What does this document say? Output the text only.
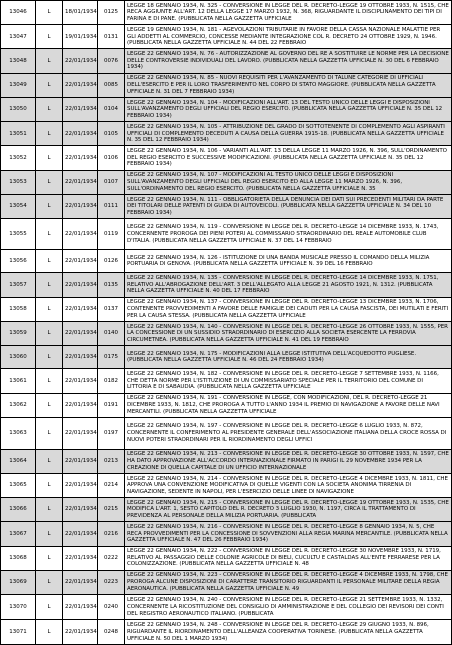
13046	L	18/01/1934	0125	LEGGE 18 GENNAIO 1934, N. 325 - CONVERSIONE IN LEGGE DEL R. DECRETO-LEGGE 19 OTTOBRE 1933, N. 1515, CHE RECA AGGIUNTE ALL'ART. 12 DELLA LEGGE 17 MARZO 1932, N. 368, RIGUARDANTE IL DISCIPLINAMENTO DEI TIPI DI FARINA E DI PANE. (PUBBLICATA NELLA GAZZETTA UFFICIALE
13047	L	19/01/1934	0131	LEGGE 19 GENNAIO 1934, N. 181 - AGEVOLAZIONI TRIBUTARIE IN FAVORE DELLA CASSA NAZIONALE MALATTIE PER GLI ADDETTI AL COMMERCIO, CONCESSE MEDIANTE INTEGRAZIONE COL R. DECRETO 24 OTTOBRE 1929, N. 1946. (PUBBLICATA NELLA GAZZETTA UFFICIALE N. 44 DEL 22 FEBBRAIO
13048	L	22/01/1934	0076	LEGGE 22 GENNAIO 1934, N. 76 - AUTORIZZAZIONE AL GOVERNO DEL RE A SOSTITUIRE LE NORME PER LA DECISIONE DELLE CONTROVERSIE INDIVIDUALI DEL LAVORO. (PUBBLICATA NELLA GAZZETTA UFFICIALE N. 30 DEL 6 FEBBRAIO 1934)
13049	L	22/01/1934	0085	LEGGE 22 GENNAIO 1934, N. 85 - NUOVI REQUISITI PER L'AVANZAMENTO DI TALUNE CATEGORIE DI UFFICIALI DELL'ESERCITO E PER IL LORO TRASFERIMENTO NEL CORPO DI STATO MAGGIORE. (PUBBLICATA NELLA GAZZETTA UFFICIALE N. 31 DEL 7 FEBBRAIO 1934)
13050	L	22/01/1934	0104	LEGGE 22 GENNAIO 1934, N. 104 - MODIFICAZIONI ALL'ART. 13 DEL TESTO UNICO DELLE LEGGI E DISPOSIZIONI SULL'AVANZAMENTO DEGLI UFFICIALI DEL REGIO ESERCITO. (PUBBLICATA NELLA GAZZETTA UFFICIALE N. 35 DEL 12 FEBBRAIO 1934)
13051	L	22/01/1934	0105	LEGGE 22 GENNAIO 1934, N. 105 - ATTRIBUZIONE DEL GRADO DI SOTTOTENENTE DI COMPLEMENTO AGLI ASPIRANTI UFFICIALI DI COMPLEMENTO DECEDUTI A CAUSA DELLA GUERRA 1915-18. (PUBBLICATA NELLA GAZZETTA UFFICIALE N. 35 DEL 12 FEBBRAIO 1934)
13052	L	22/01/1934	0106	LEGGE 22 GENNAIO 1934, N. 106 - VARIANTI ALL'ART. 13 DELLA LEGGE 11 MARZO 1926, N. 396, SULL'ORDINAMENTO DEL REGIO ESERCITO E SUCCESSIVE MODIFICAZIONI. (PUBBLICATA NELLA GAZZETTA UFFICIALE N. 35 DEL 12 FEBBRAIO 1934)
13053	L	22/01/1934	0107	LEGGE 22 GENNAIO 1934, N. 107 - MODIFICAZIONI AL TESTO UNICO DELLE LEGGI E DISPOSIZIONI SULL'AVANZAMENTO DEGLI UFFICIALI DEL REGIO ESERCITO ED ALLA LEGGE 11 MARZO 1926, N. 396, SULL'ORDINAMENTO DEL REGIO ESERCITO. (PUBBLICATA NELLA GAZZETTA UFFICIALE N. 35
13054	L	22/01/1934	0111	LEGGE 22 GENNAIO 1934, N. 111 - OBBLIGATORIETA DELLA DENUNCIA DEI DATI SUI PRECEDENTI MILITARI DA PARTE DEI TITOLARI DELLE PATENTI DI GUIDA DI AUTOVEICOLI. (PUBBLICATA NELLA GAZZETTA UFFICIALE N. 34 DEL 10 FEBBRAIO 1934)
13055	L	22/01/1934	0119	LEGGE 22 GENNAIO 1934, N. 119 - CONVERSIONE IN LEGGE DEL R. DECRETO-LEGGE 14 DICEMBRE 1933, N. 1743, CONCERNENTE PROROGA DEI PIENI POTERI AL COMMISSARIO STRAORDINARIO DEL REALE AUTOMOBILE CLUB D'ITALIA. (PUBBLICATA NELLA GAZZETTA UFFICIALE N. 37 DEL 14 FEBBRAIO
13056	L	22/01/1934	0126	LEGGE 22 GENNAIO 1934, N. 126 - ISTITUZIONE DI UNA BANDA MUSICALE PRESSO IL COMANDO DELLA MILIZIA PORTUARIA DI GENOVA. (PUBBLICATA NELLA GAZZETTA UFFICIALE N. 39 DEL 16 FEBBRAIO
13057	L	22/01/1934	0135	LEGGE 22 GENNAIO 1934, N. 135 - CONVERSIONE IN LEGGE DEL R. DECRETO-LEGGE 14 DICEMBRE 1933, N. 1751, RELATIVO ALL'ABROGAZIONE DELL'ART. 3 DELL'ALLEGATO ALLA LEGGE 21 AGOSTO 1921, N. 1312. (PUBBLICATA NELLA GAZZETTA UFFICIALE N. 40 DEL 17 FEBBRAIO
13058	L	22/01/1934	0137	LEGGE 22 GENNAIO 1934, N. 137 - CONVERSIONE IN LEGGE DEL R. DECRETO-LEGGE 13 DICEMBRE 1933, N. 1706, CONTENENTE PROVVEDIMENTI A FAVORE DELLE FAMIGLIE DEI CADUTI PER LA CAUSA FASCISTA, DEI MUTILATI E FERITI PER LA CAUSA STESSA. (PUBBLICATA NELLA GAZZETTA UFFICIALE
13059	L	22/01/1934	0140	LEGGE 22 GENNAIO 1934, N. 140 - CONVERSIONE IN LEGGE DEL R. DECRETO-LEGGE 26 OTTOBRE 1933, N. 1555, PER LA CONCESSIONE DI UN SUSSIDIO STRAORDINARIO DI ESERCIZIO ALLA SOCIETA ESERCENTE LA FERROVIA CIRCUMETNEA. (PUBBLICATA NELLA GAZZETTA UFFICIALE N. 41 DEL 19 FEBBRAIO
13060	L	22/01/1934	0175	LEGGE 22 GENNAIO 1934, N. 175 - MODIFICAZIONI ALLA LEGGE ISTITUTIVA DELL'ACQUEDOTTO PUGLIESE. (PUBBLICATA NELLA GAZZETTA UFFICIALE N. 46 DEL 24 FEBBRAIO 1934)
13061	L	22/01/1934	0182	LEGGE 22 GENNAIO 1934, N. 182 - CONVERSIONE IN LEGGE DEL R. DECRETO-LEGGE 7 SETTEMBRE 1933, N. 1166, CHE DETTA NORME PER L'ISTITUZIONE DI UN COMMISSARIATO SPECIALE PER IL TERRITORIO DEL COMUNE DI LITTORIA E DI SABAUDIA. (PUBBLICATA NELLA GAZZETTA UFFICIALE
13062	L	22/01/1934	0191	LEGGE 22 GENNAIO 1934, N. 191 - CONVERSIONE IN LEGGE, CON MODIFICAZIONI, DEL R. DECRETO-LEGGE 21 DICEMBRE 1933, N. 1812, CHE PROROGA A TUTTO L'ANNO 1934 IL PREMIO DI NAVIGAZIONE A FAVORE DELLE NAVI MERCANTILI. (PUBBLICATA NELLA GAZZETTA UFFICIALE
13063	L	22/01/1934	0197	LEGGE 22 GENNAIO 1934, N. 197 - CONVERSIONE IN LEGGE DEL R. DECRETO-LEGGE 6 LUGLIO 1933, N. 872, CONCERNENTE IL CONFERIMENTO AL PRESIDENTE GENERALE DELL'ASSOCIAZIONE ITALIANA DELLA CROCE ROSSA DI NUOVI POTERI STRAORDINARI PER IL RIORDINAMENTO DEGLI UFFICI
13064	L	22/01/1934	0213	LEGGE 22 GENNAIO 1934, N. 213 - CONVERSIONE IN LEGGE DEL R. DECRETO-LEGGE 30 OTTOBRE 1933, N. 1597, CHE HA DATO APPROVAZIONE ALL'ACCORDO INTERNAZIONALE FIRMATO IN PARIGI IL 29 NOVEMBRE 1934 PER LA CREAZIONE DI QUELLA CAPITALE DI UN UFFICIO INTERNAZIONALE
13065	L	22/01/1934	0214	LEGGE 22 GENNAIO 1934, N. 214 - CONVERSIONE IN LEGGE DEL R. DECRETO-LEGGE 4 DICEMBRE 1933, N. 1811, CHE APPROVA UNA CONVENZIONE MODIFICATIVA DI QUELLE VIGENTI CON LA SOCIETA ANONIMA TIRRENIA DI NAVIGAZIONE, SEDENTE IN NAPOLI, PER L'ESERCIZIO DELLE LINEE DI NAVIGAZIONE
13066	L	22/01/1934	0215	LEGGE 22 GENNAIO 1934, N. 215 - CONVERSIONE IN LEGGE DEL R. DECRETO-LEGGE 19 OTTOBRE 1933, N. 1535, CHE MODIFICA L'ART. 1, SESTO CAPITOLO DEL R. DECRETO 3 LUGLIO 1930, N. 1197, CIRCA IL TRATTAMENTO DI PREVIDENZA AL PERSONALE DELLA MILIZIA PORTUARIA. (PUBBLICATA
13067	L	22/01/1934	0216	LEGGE 22 GENNAIO 1934, N. 216 - CONVERSIONE IN LEGGE DEL R. DECRETO-LEGGE 8 GENNAIO 1934, N. 5, CHE RECA PROVVEDIMENTI PER LA CONCESSIONE DI SOVVENZIONI ALLA REGIA MARINA MERCANTILE. (PUBBLICATA NELLA GAZZETTA UFFICIALE N. 47 DEL 26 FEBBRAIO 1934)
13068	L	22/01/1934	0222	LEGGE 22 GENNAIO 1934, N. 222 - CONVERSIONE IN LEGGE DEL R. DECRETO-LEGGE 30 NOVEMBRE 1933, N. 1719, RELATIVO AL PASSAGGIO DELLE COLONIE AGRICOLE DI BIELI, CUCULTU E CASTALDAS ALL'ENTE FERRARESE PER LA COLONIZZAZIONE. (PUBBLICATA NELLA GAZZETTA UFFICIALE N. 48
13069	L	22/01/1934	0223	LEGGE 22 GENNAIO 1934, N. 223 - CONVERSIONE IN LEGGE DEL R. DECRETO-LEGGE 4 DICEMBRE 1933, N. 1798, CHE PROROGA ALCUNE DISPOSIZIONI DI CARATTERE TRANSITORIO RIGUARDANTI IL PERSONALE MILITARE DELLA REGIA AERONAUTICA. (PUBBLICATA NELLA GAZZETTA UFFICIALE N. 49
13070	L	22/01/1934	0240	LEGGE 22 GENNAIO 1934, N. 240 - CONVERSIONE IN LEGGE DEL R. DECRETO-LEGGE 21 SETTEMBRE 1933, N. 1332, CONCERNENTE LA RICOSTITUZIONE DEL CONSIGLIO DI AMMINISTRAZIONE E DEL COLLEGIO DEI REVISORI DEI CONTI DEL REGISTRO AERONAUTICO ITALIANO. (PUBBLICATA
13071	L	22/01/1934	0248	LEGGE 22 GENNAIO 1934, N. 248 - CONVERSIONE IN LEGGE DEL R. DECRETO-LEGGE 29 GIUGNO 1933, N. 896, RIGUARDANTE IL RIORDINAMENTO DELL'ALLEANZA COOPERATIVA TORINESE. (PUBBLICATA NELLA GAZZETTA UFFICIALE N. 50 DEL 1 MARZO 1934)
